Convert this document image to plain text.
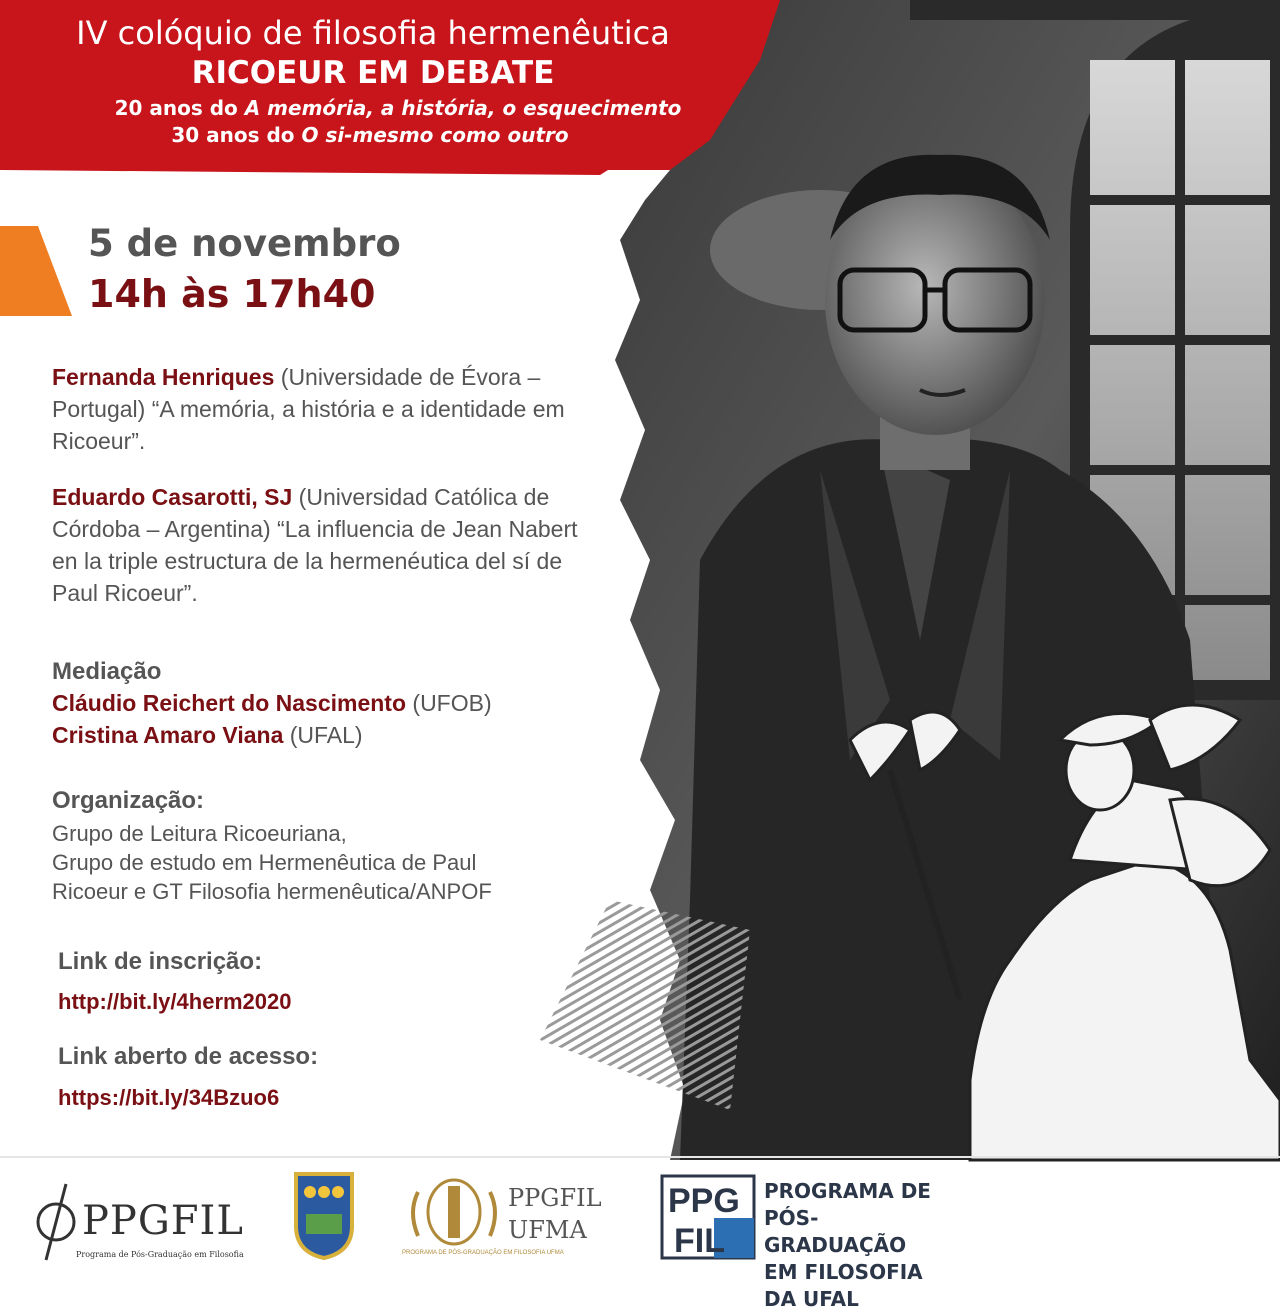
IV colóquio de filosofia hermenêutica
RICOEUR EM DEBATE
20 anos do A memória, a história, o esquecimento
30 anos do O si-mesmo como outro
5 de novembro
14h às 17h40
Fernanda Henriques (Universidade de Évora – Portugal) “A memória, a história e a identidade em Ricoeur”.
Eduardo Casarotti, SJ (Universidad Católica de Córdoba – Argentina) “La influencia de Jean Nabert en la triple estructura de la hermenéutica del sí de Paul Ricoeur”.
Mediação
Cláudio Reichert do Nascimento (UFOB)
Cristina Amaro Viana (UFAL)
Organização:
Grupo de Leitura Ricoeuriana,
Grupo de estudo em Hermenêutica de Paul
Ricoeur e GT Filosofia hermenêutica/ANPOF
Link de inscrição:
http://bit.ly/4herm2020
Link aberto de acesso:
https://bit.ly/34Bzuo6
PPGFIL
Programa de Pós-Graduação em Filosofia
PPGFIL
UFMA
PROGRAMA DE PÓS-GRADUAÇÃO EM FILOSOFIA UFMA
PPG
FIL
PROGRAMA DE
PÓS-GRADUAÇÃO
EM FILOSOFIA DA UFAL
